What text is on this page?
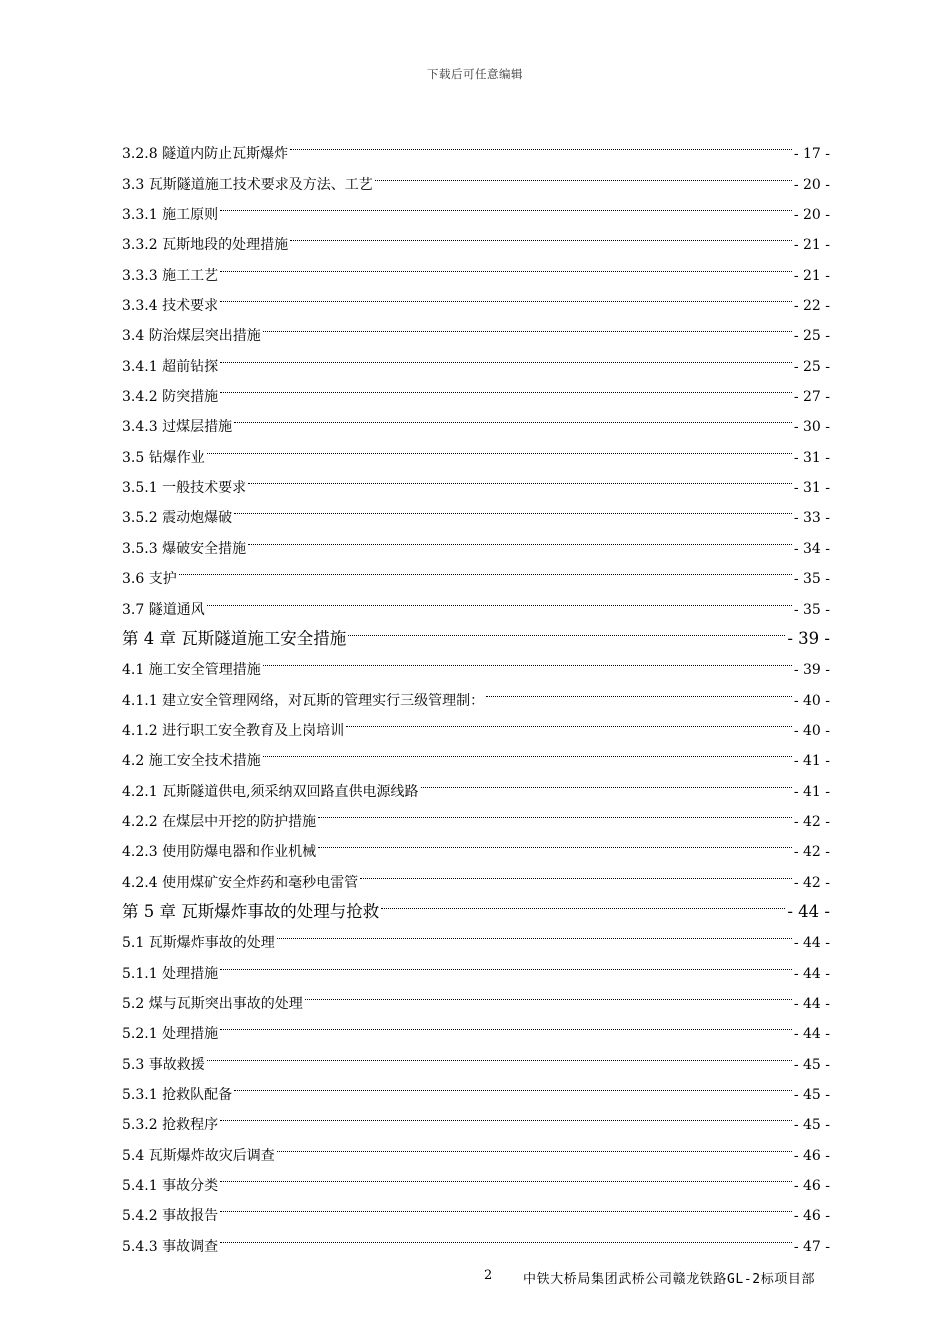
下载后可任意编辑
3.2.8 隧道内防止瓦斯爆炸	- 17 -
3.3 瓦斯隧道施工技术要求及方法、工艺	- 20 -
3.3.1 施工原则	- 20 -
3.3.2 瓦斯地段的处理措施	- 21 -
3.3.3 施工工艺	- 21 -
3.3.4 技术要求	- 22 -
3.4 防治煤层突出措施	- 25 -
3.4.1 超前钻探	- 25 -
3.4.2 防突措施	- 27 -
3.4.3 过煤层措施	- 30 -
3.5 钻爆作业	- 31 -
3.5.1 一般技术要求	- 31 -
3.5.2 震动炮爆破	- 33 -
3.5.3 爆破安全措施	- 34 -
3.6 支护	- 35 -
3.7 隧道通风	- 35 -
第 4 章 瓦斯隧道施工安全措施	- 39 -
4.1 施工安全管理措施	- 39 -
4.1.1 建立安全管理网络，对瓦斯的管理实行三级管理制：	- 40 -
4.1.2 进行职工安全教育及上岗培训	- 40 -
4.2 施工安全技术措施	- 41 -
4.2.1 瓦斯隧道供电,须采纳双回路直供电源线路	- 41 -
4.2.2 在煤层中开挖的防护措施	- 42 -
4.2.3 使用防爆电器和作业机械	- 42 -
4.2.4 使用煤矿安全炸药和毫秒电雷管	- 42 -
第 5 章 瓦斯爆炸事故的处理与抢救	- 44 -
5.1 瓦斯爆炸事故的处理	- 44 -
5.1.1 处理措施	- 44 -
5.2 煤与瓦斯突出事故的处理	- 44 -
5.2.1 处理措施	- 44 -
5.3 事故救援	- 45 -
5.3.1 抢救队配备	- 45 -
5.3.2 抢救程序	- 45 -
5.4 瓦斯爆炸故灾后调查	- 46 -
5.4.1 事故分类	- 46 -
5.4.2 事故报告	- 46 -
5.4.3 事故调查	- 47 -
2 中铁大桥局集团武桥公司赣龙铁路GL-2标项目部
